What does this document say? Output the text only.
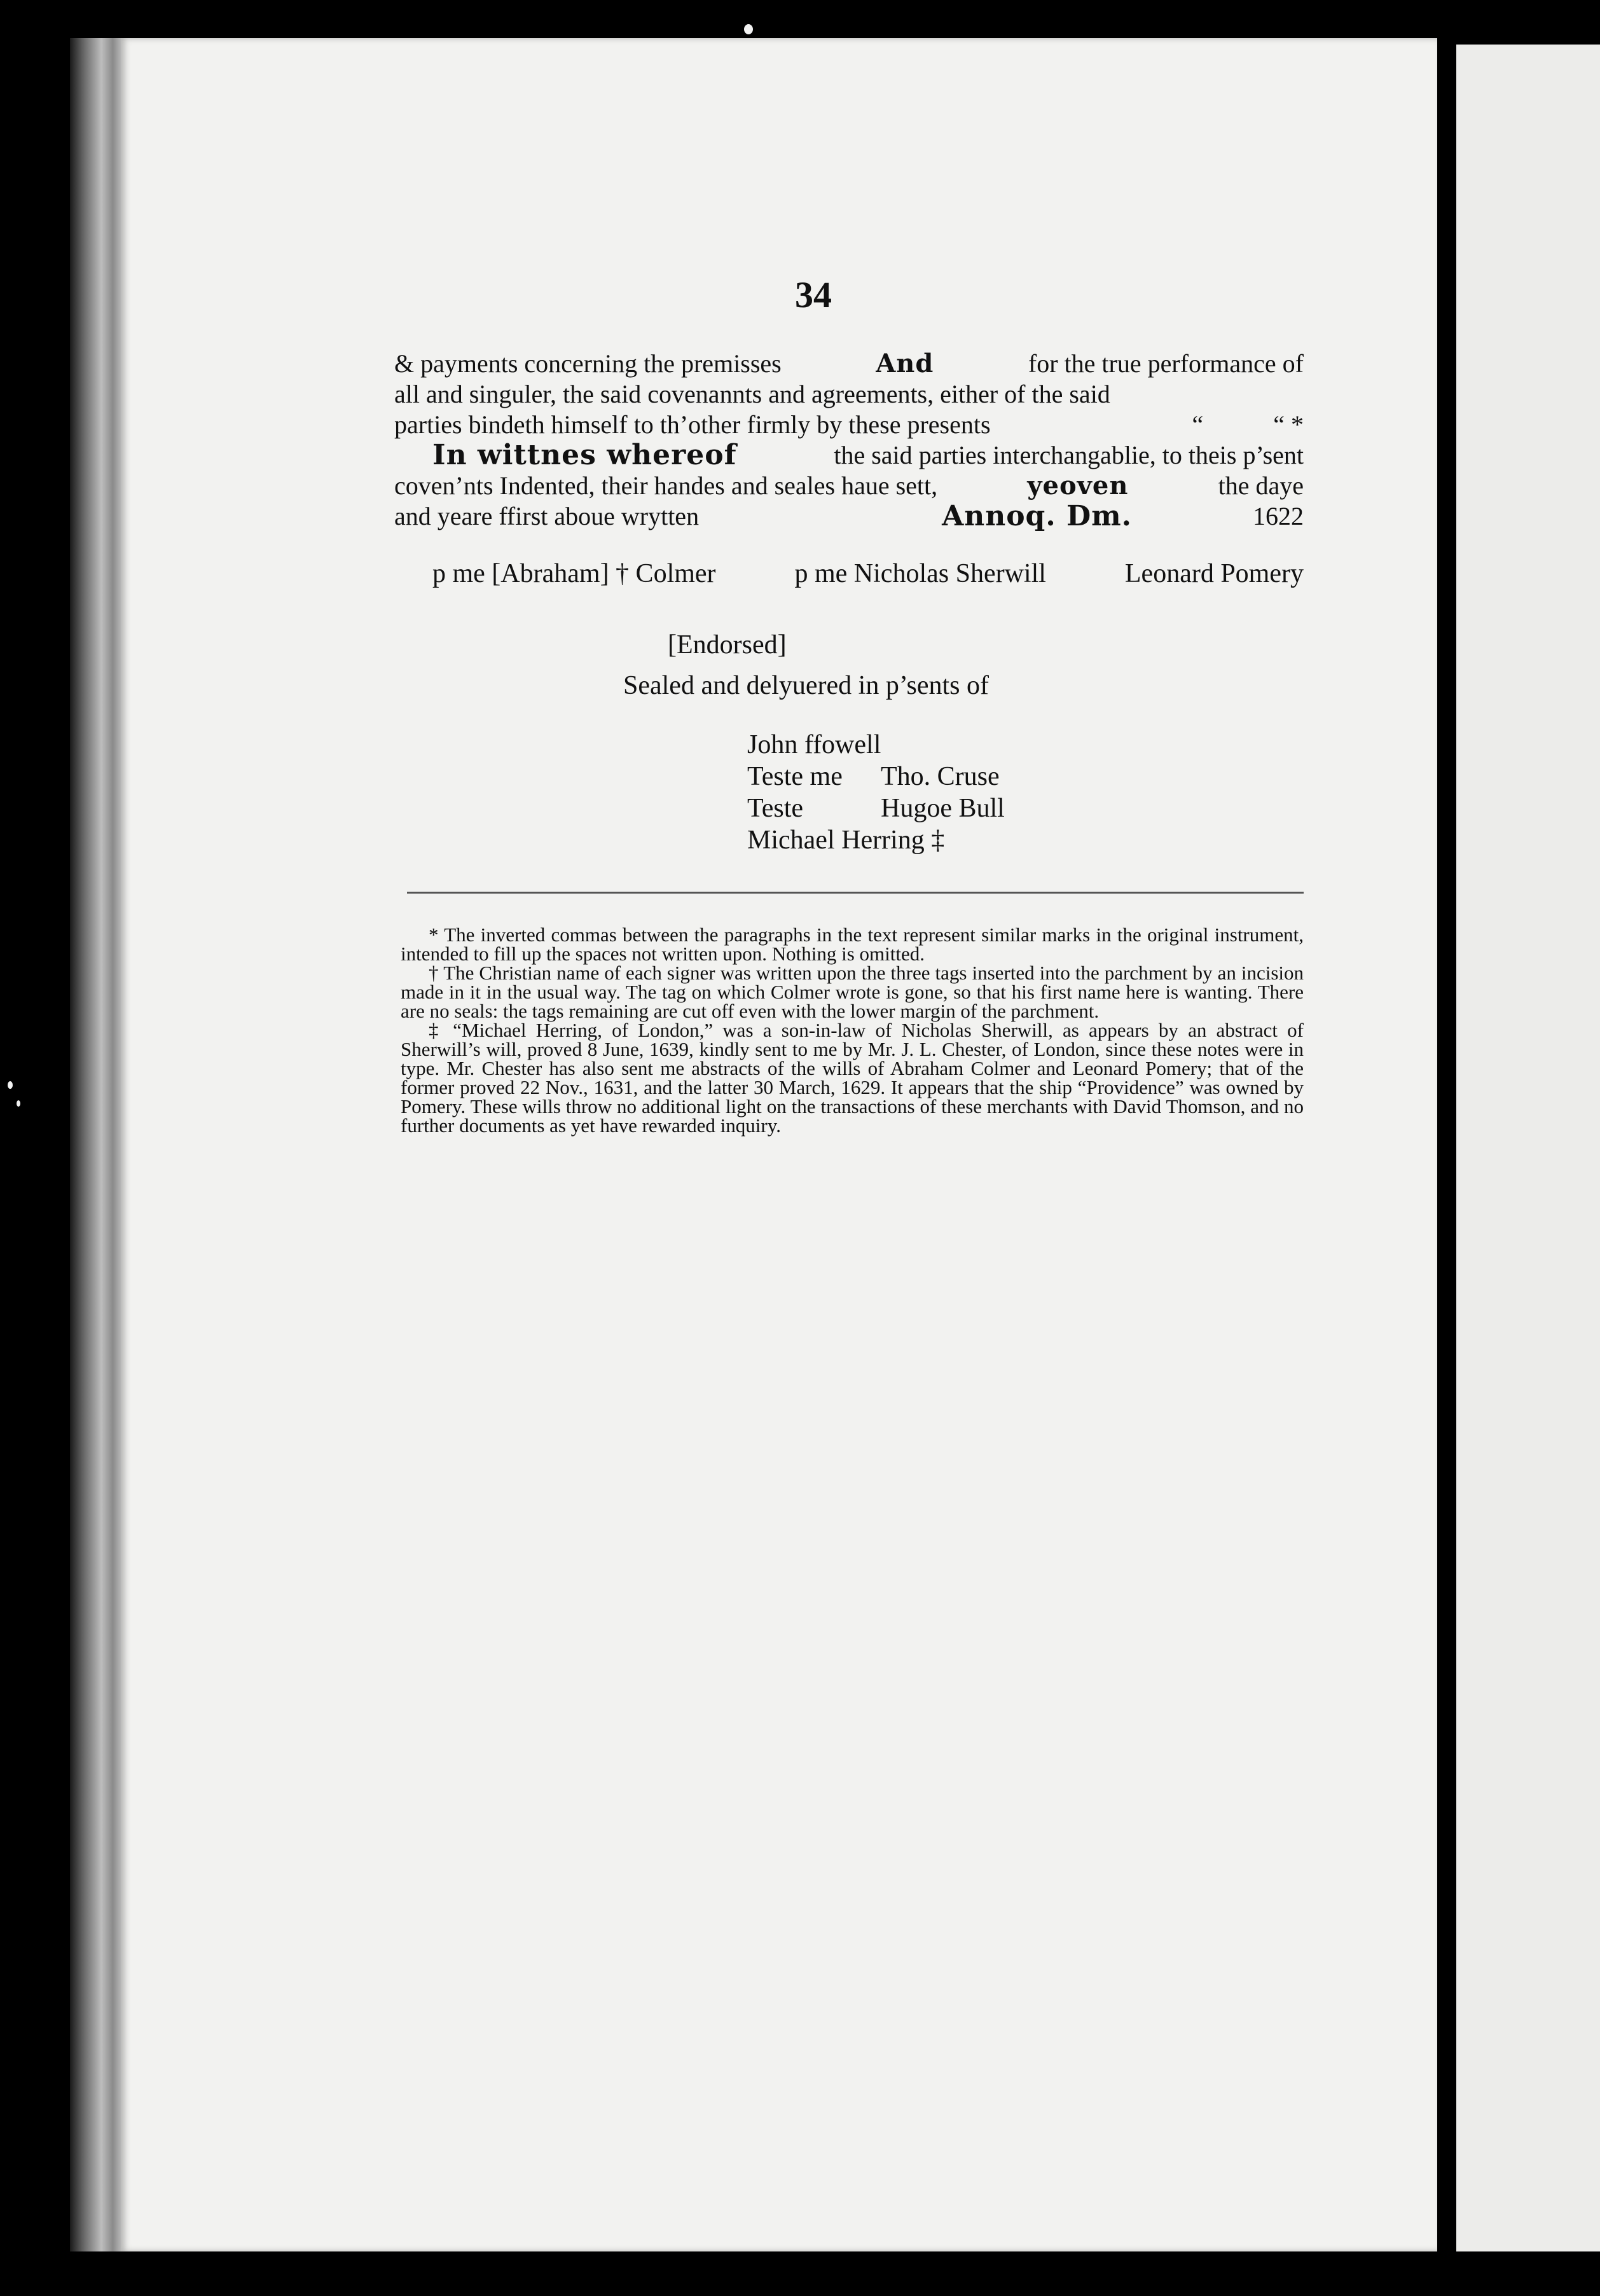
34
& payments concerning the premisses	And	for the true performance of
all and singuler, the said covenannts and agreements, either of the said
parties bindeth himself to th’other firmly by these presents	“	“ *
In wittnes whereof	the said parties interchangablie, to theis p’sent
coven’nts Indented, their handes and seales haue sett,	yeoven	the daye
and yeare ffirst aboue wrytten	Annoq. Dm.	1622
p me [Abraham] † Colmer	p me Nicholas Sherwill	Leonard Pomery
[Endorsed]
Sealed and delyuered in p’sents of
John ffowell
Teste me	Tho. Cruse
Teste	Hugoe Bull
Michael Herring ‡

* The inverted commas between the paragraphs in the text represent similar marks in the original instrument, intended to fill up the spaces not written upon. Nothing is omitted.

† The Christian name of each signer was written upon the three tags inserted into the parchment by an incision made in it in the usual way. The tag on which Colmer wrote is gone, so that his first name here is wanting. There are no seals: the tags remaining are cut off even with the lower margin of the parchment.

‡ “Michael Herring, of London,” was a son-in-law of Nicholas Sherwill, as appears by an abstract of Sherwill’s will, proved 8 June, 1639, kindly sent to me by Mr. J. L. Chester, of London, since these notes were in type. Mr. Chester has also sent me abstracts of the wills of Abraham Colmer and Leonard Pomery; that of the former proved 22 Nov., 1631, and the latter 30 March, 1629. It appears that the ship “Providence” was owned by Pomery. These wills throw no additional light on the transactions of these merchants with David Thomson, and no further documents as yet have rewarded inquiry.
